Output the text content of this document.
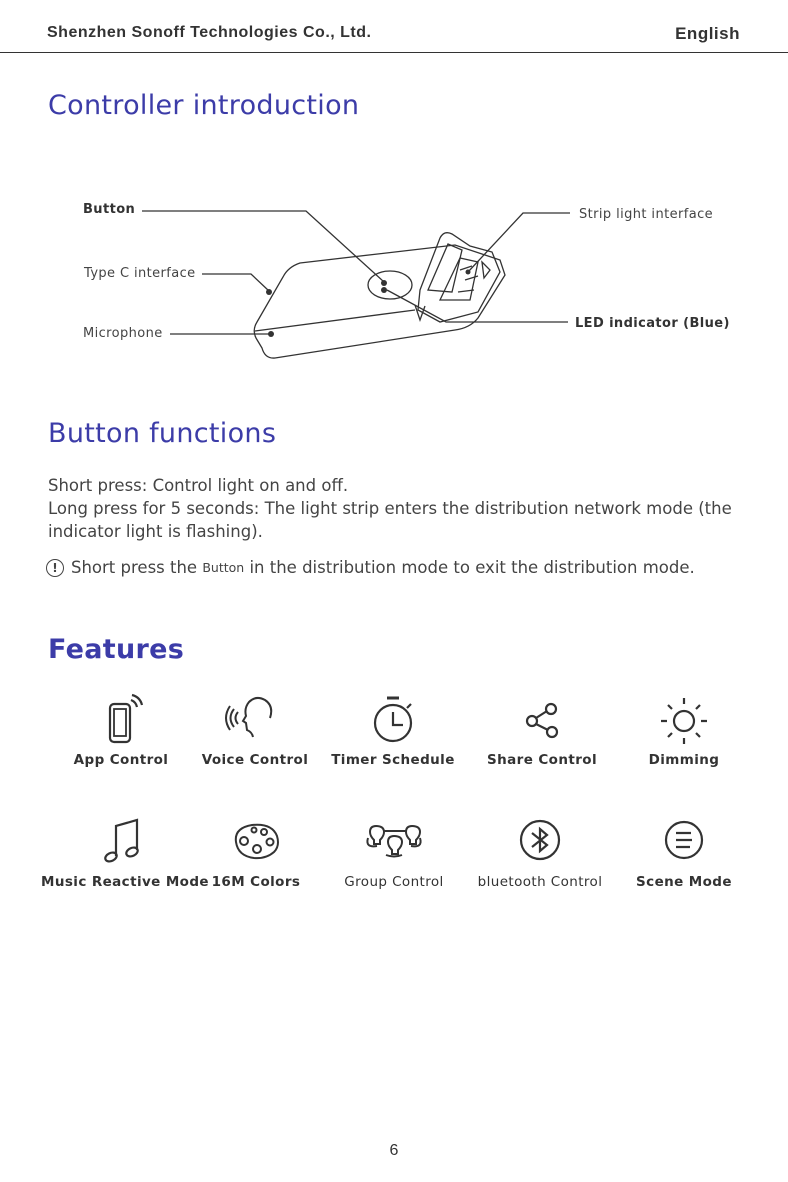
Shenzhen Sonoff Technologies Co., Ltd.	English
Controller introduction
Button
Type C interface
Microphone
Strip light interface
LED indicator (Blue)
Button functions
Short press: Control light on and off.
Long press for 5 seconds: The light strip enters the distribution network mode (the
indicator light is flashing).
! Short press the
Button
in the distribution mode to exit the distribution mode.
Features
App Control	Voice Control	Timer Schedule	Share Control	Dimming
Music Reactive Mode 16M Colors	Group Control	bluetooth Control	Scene Mode
6
